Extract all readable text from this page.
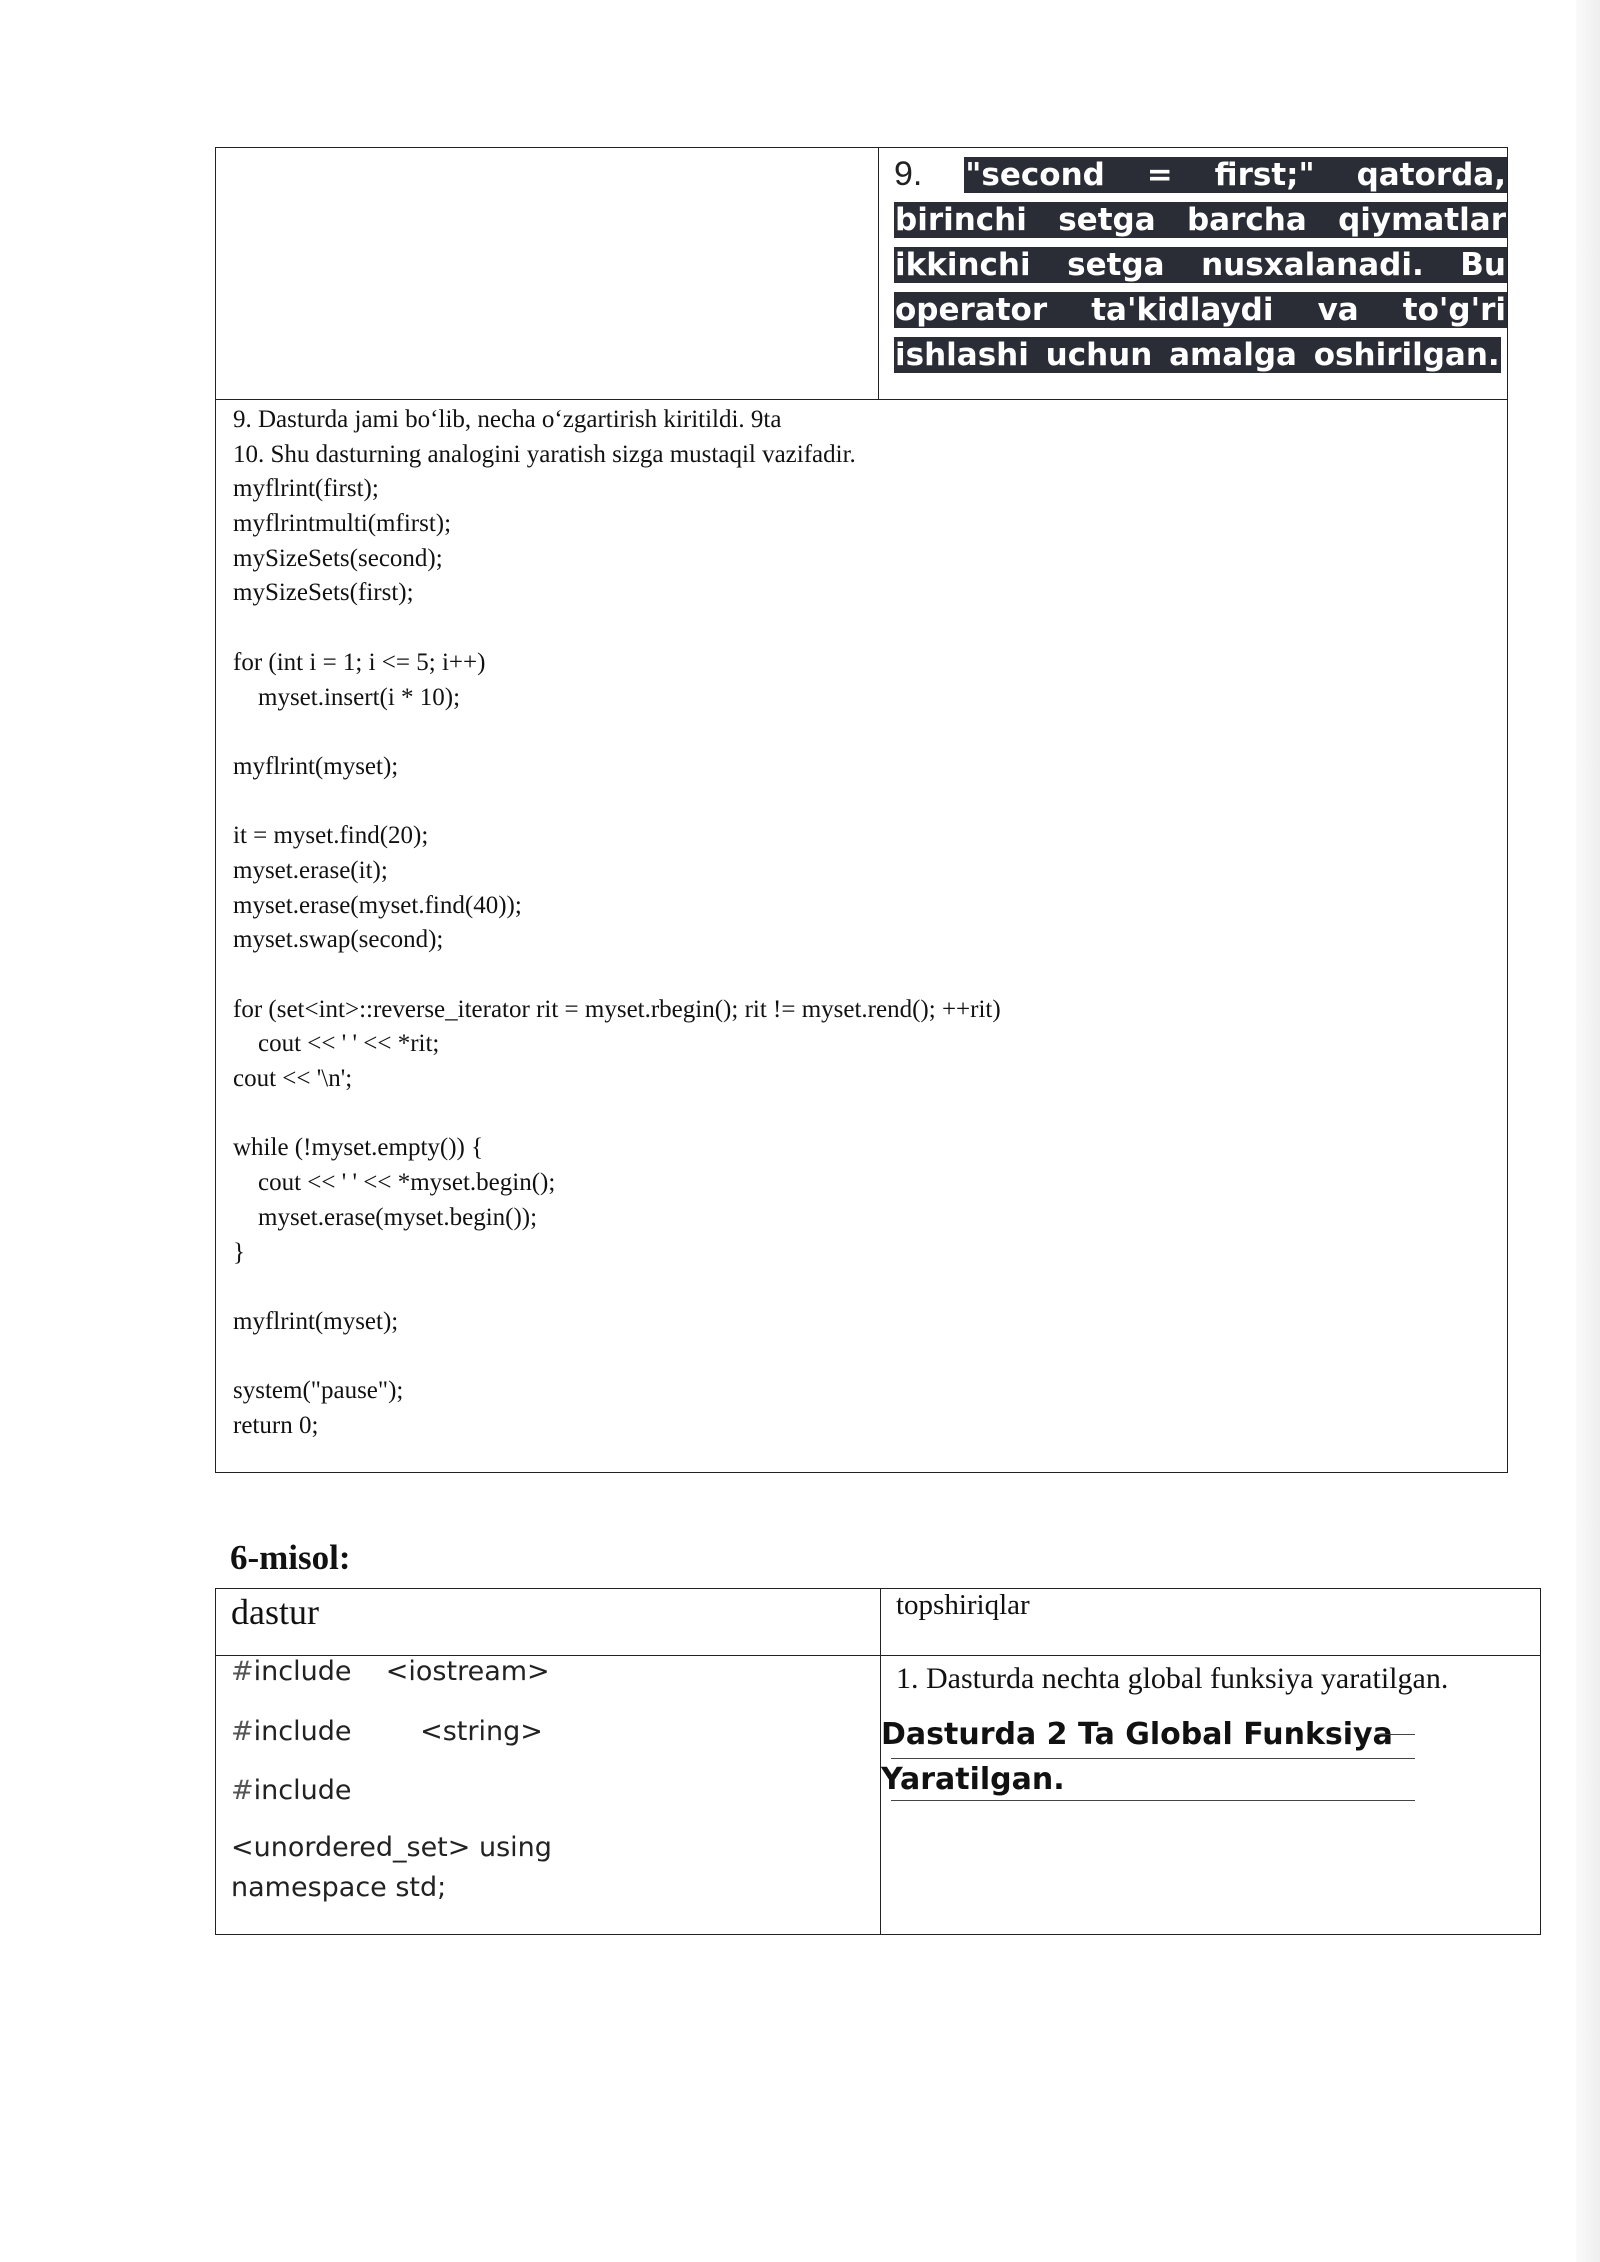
9. "second = first;" qatorda, birinchi setga barcha qiymatlar ikkinchi setga nusxalanadi. Bu operator ta'kidlaydi va to'g'ri ishlashi uchun amalga oshirilgan.
9. Dasturda jami bo‘lib, necha o‘zgartirish kiritildi. 9ta
10. Shu dasturning analogini yaratish sizga mustaqil vazifadir.
myflrint(first);
myflrintmulti(mfirst);
mySizeSets(second);
mySizeSets(first);
for (int i = 1; i <= 5; i++)
myset.insert(i * 10);
myflrint(myset);
it = myset.find(20);
myset.erase(it);
myset.erase(myset.find(40));
myset.swap(second);
for (set<int>::reverse_iterator rit = myset.rbegin(); rit != myset.rend(); ++rit)
cout << ' ' << *rit;
cout << '\n';
while (!myset.empty()) {
cout << ' ' << *myset.begin();
myset.erase(myset.begin());
}
myflrint(myset);
system("pause");
return 0;
6-misol:
dastur	topshiriqlar
#include    <iostream>
#include        <string>
#include
<unordered_set> using
namespace std;
1. Dasturda nechta global funksiya yaratilgan.
Dasturda 2 Ta Global Funksiya
Yaratilgan.
